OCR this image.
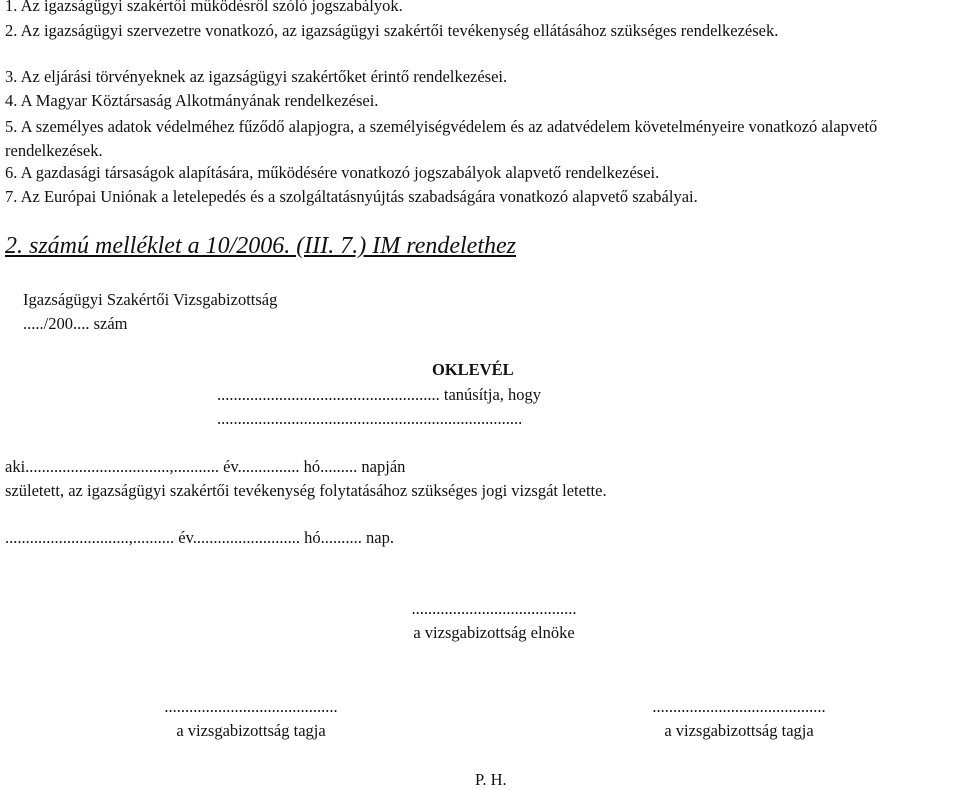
1. Az igazságügyi szakértői működésről szóló jogszabályok.
2. Az igazságügyi szervezetre vonatkozó, az igazságügyi szakértői tevékenység ellátásához szükséges rendelkezések.
3. Az eljárási törvényeknek az igazságügyi szakértőket érintő rendelkezései.
4. A Magyar Köztársaság Alkotmányának rendelkezései.
5. A személyes adatok védelméhez fűződő alapjogra, a személyiségvédelem és az adatvédelem követelményeire vonatkozó alapvető rendelkezések.
6. A gazdasági társaságok alapítására, működésére vonatkozó jogszabályok alapvető rendelkezései.
7. Az Európai Uniónak a letelepedés és a szolgáltatásnyújtás szabadságára vonatkozó alapvető szabályai.
2. számú melléklet a 10/2006. (III. 7.) IM rendelethez
Igazságügyi Szakértői Vizsgabizottság
...../200.... szám
OKLEVÉL
...................................................... tanúsítja, hogy
..........................................................................
aki...................................,........... év............... hó......... napján
született, az igazságügyi szakértői tevékenység folytatásához szükséges jogi vizsgát letette.
..............................,.......... év.......................... hó.......... nap.
........................................
a vizsgabizottság elnöke
..........................................
a vizsgabizottság tagja
..........................................
a vizsgabizottság tagja
P. H.
